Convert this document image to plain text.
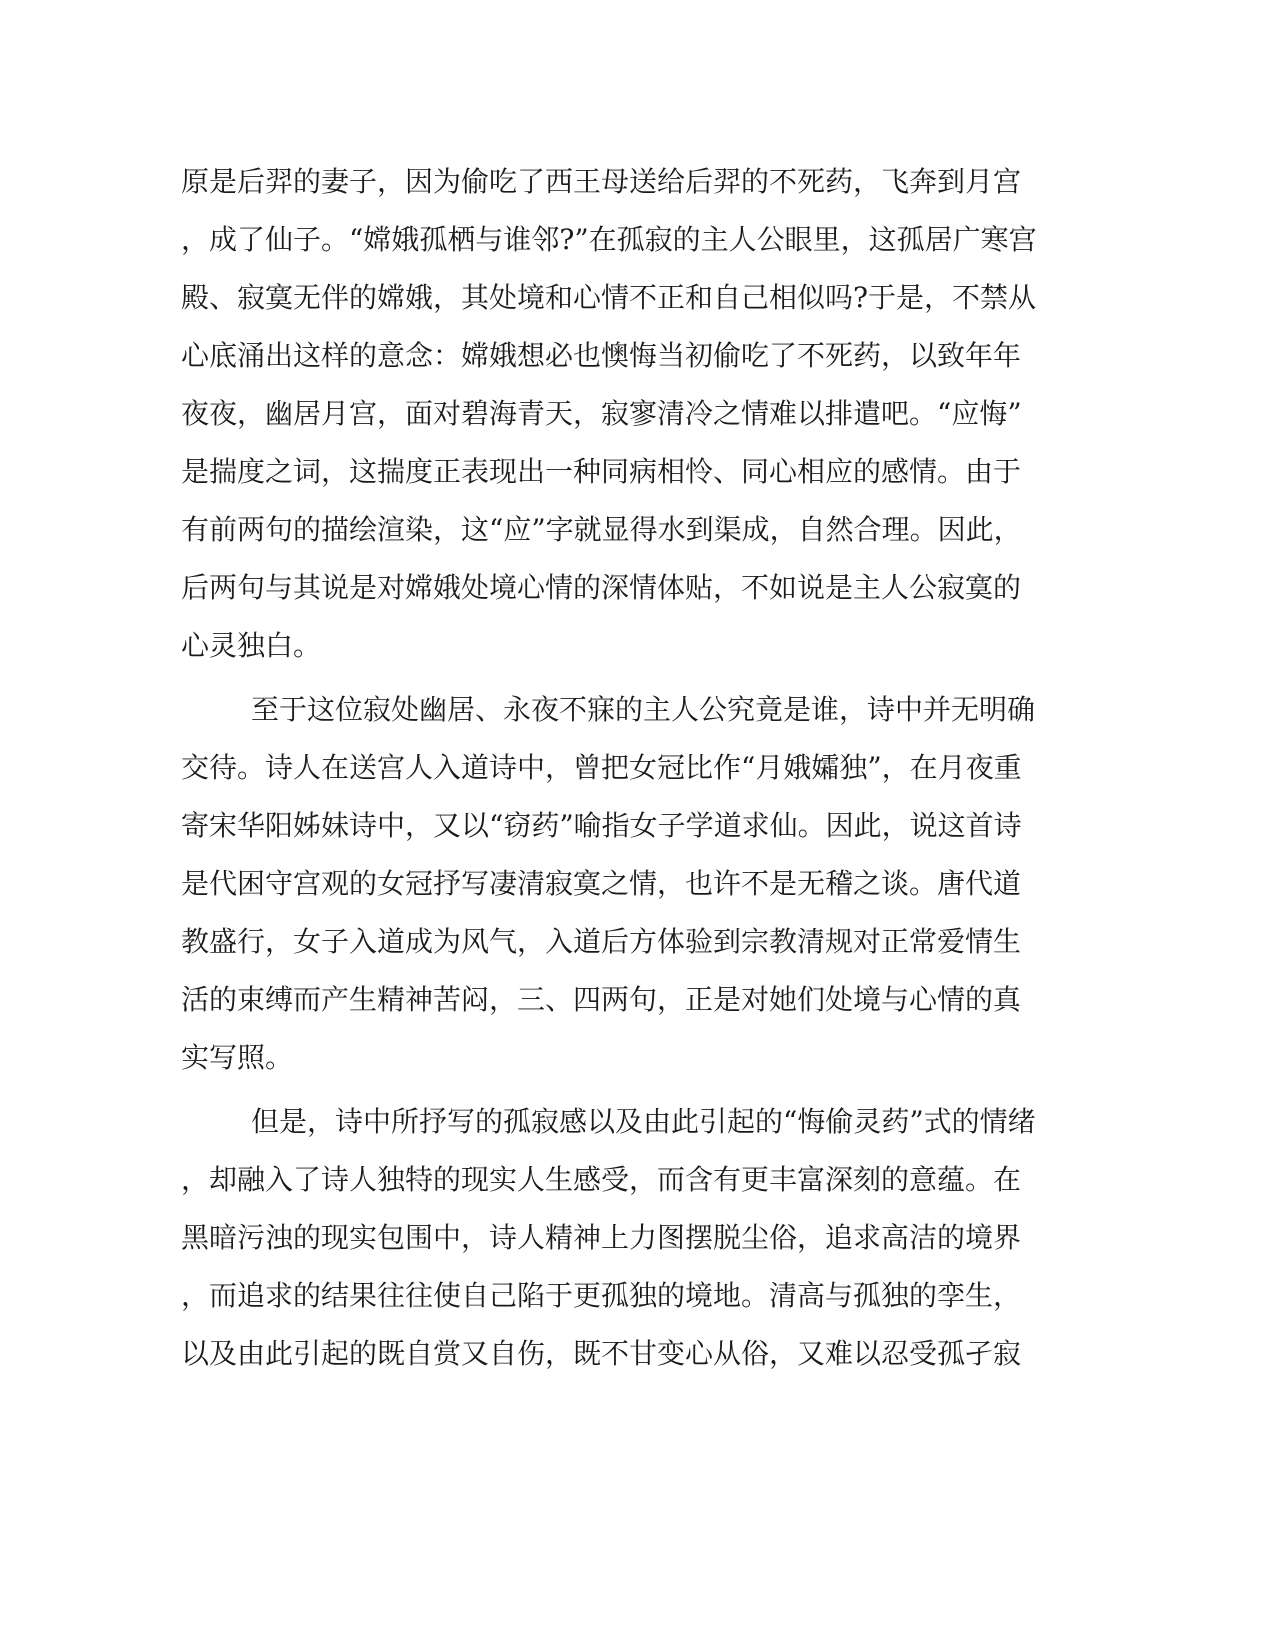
原是后羿的妻子，因为偷吃了西王母送给后羿的不死药，飞奔到月宫
，成了仙子。“嫦娥孤栖与谁邻?”在孤寂的主人公眼里，这孤居广寒宫
殿、寂寞无伴的嫦娥，其处境和心情不正和自己相似吗?于是，不禁从
心底涌出这样的意念：嫦娥想必也懊悔当初偷吃了不死药，以致年年
夜夜，幽居月宫，面对碧海青天，寂寥清冷之情难以排遣吧。“应悔”
是揣度之词，这揣度正表现出一种同病相怜、同心相应的感情。由于
有前两句的描绘渲染，这“应”字就显得水到渠成，自然合理。因此，
后两句与其说是对嫦娥处境心情的深情体贴，不如说是主人公寂寞的
心灵独白。
至于这位寂处幽居、永夜不寐的主人公究竟是谁，诗中并无明确
交待。诗人在送宫人入道诗中，曾把女冠比作“月娥孀独”，在月夜重
寄宋华阳姊妹诗中，又以“窃药”喻指女子学道求仙。因此，说这首诗
是代困守宫观的女冠抒写凄清寂寞之情，也许不是无稽之谈。唐代道
教盛行，女子入道成为风气，入道后方体验到宗教清规对正常爱情生
活的束缚而产生精神苦闷，三、四两句，正是对她们处境与心情的真
实写照。
但是，诗中所抒写的孤寂感以及由此引起的“悔偷灵药”式的情绪
，却融入了诗人独特的现实人生感受，而含有更丰富深刻的意蕴。在
黑暗污浊的现实包围中，诗人精神上力图摆脱尘俗，追求高洁的境界
，而追求的结果往往使自己陷于更孤独的境地。清高与孤独的孪生，
以及由此引起的既自赏又自伤，既不甘变心从俗，又难以忍受孤孑寂
